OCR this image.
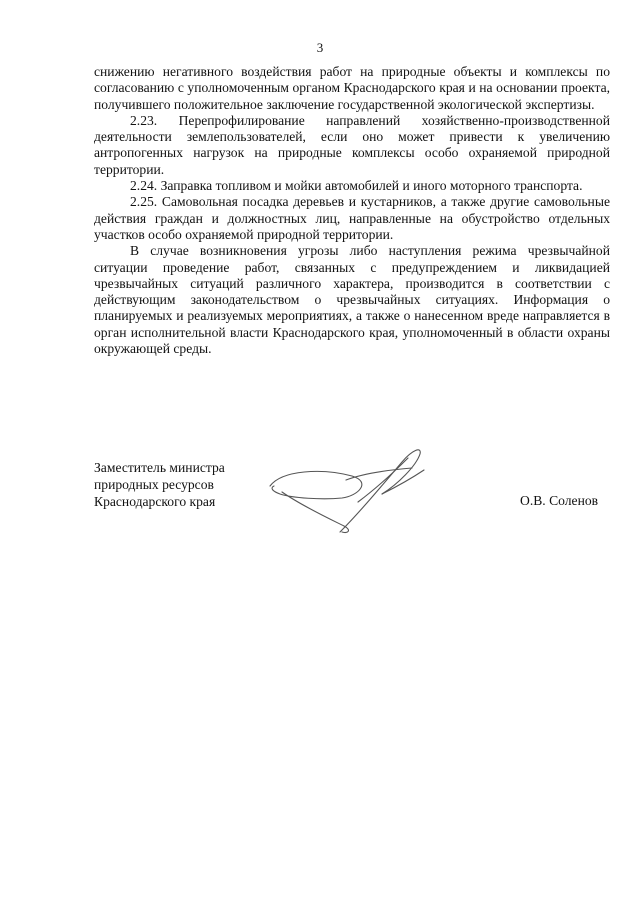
3

снижению негативного воздействия работ на природные объекты и комплексы по согласованию с уполномоченным органом Краснодарского края и на основании проекта, получившего положительное заключение государственной экологической экспертизы.

2.23. Перепрофилирование направлений хозяйственно-производственной деятельности землепользователей, если оно может привести к увеличению антропогенных нагрузок на природные комплексы особо охраняемой природной территории.

2.24. Заправка топливом и мойки автомобилей и иного моторного транспорта.

2.25. Самовольная посадка деревьев и кустарников, а также другие самовольные действия граждан и должностных лиц, направленные на обустройство отдельных участков особо охраняемой природной территории.

В случае возникновения угрозы либо наступления режима чрезвычайной ситуации проведение работ, связанных с предупреждением и ликвидацией чрезвычайных ситуаций различного характера, производится в соответствии с действующим законодательством о чрезвычайных ситуациях. Информация о планируемых и реализуемых мероприятиях, а также о нанесенном вреде направляется в орган исполнительной власти Краснодарского края, уполномоченный в области охраны окружающей среды.

Заместитель министра
природных ресурсов
Краснодарского края	О.В. Соленов
